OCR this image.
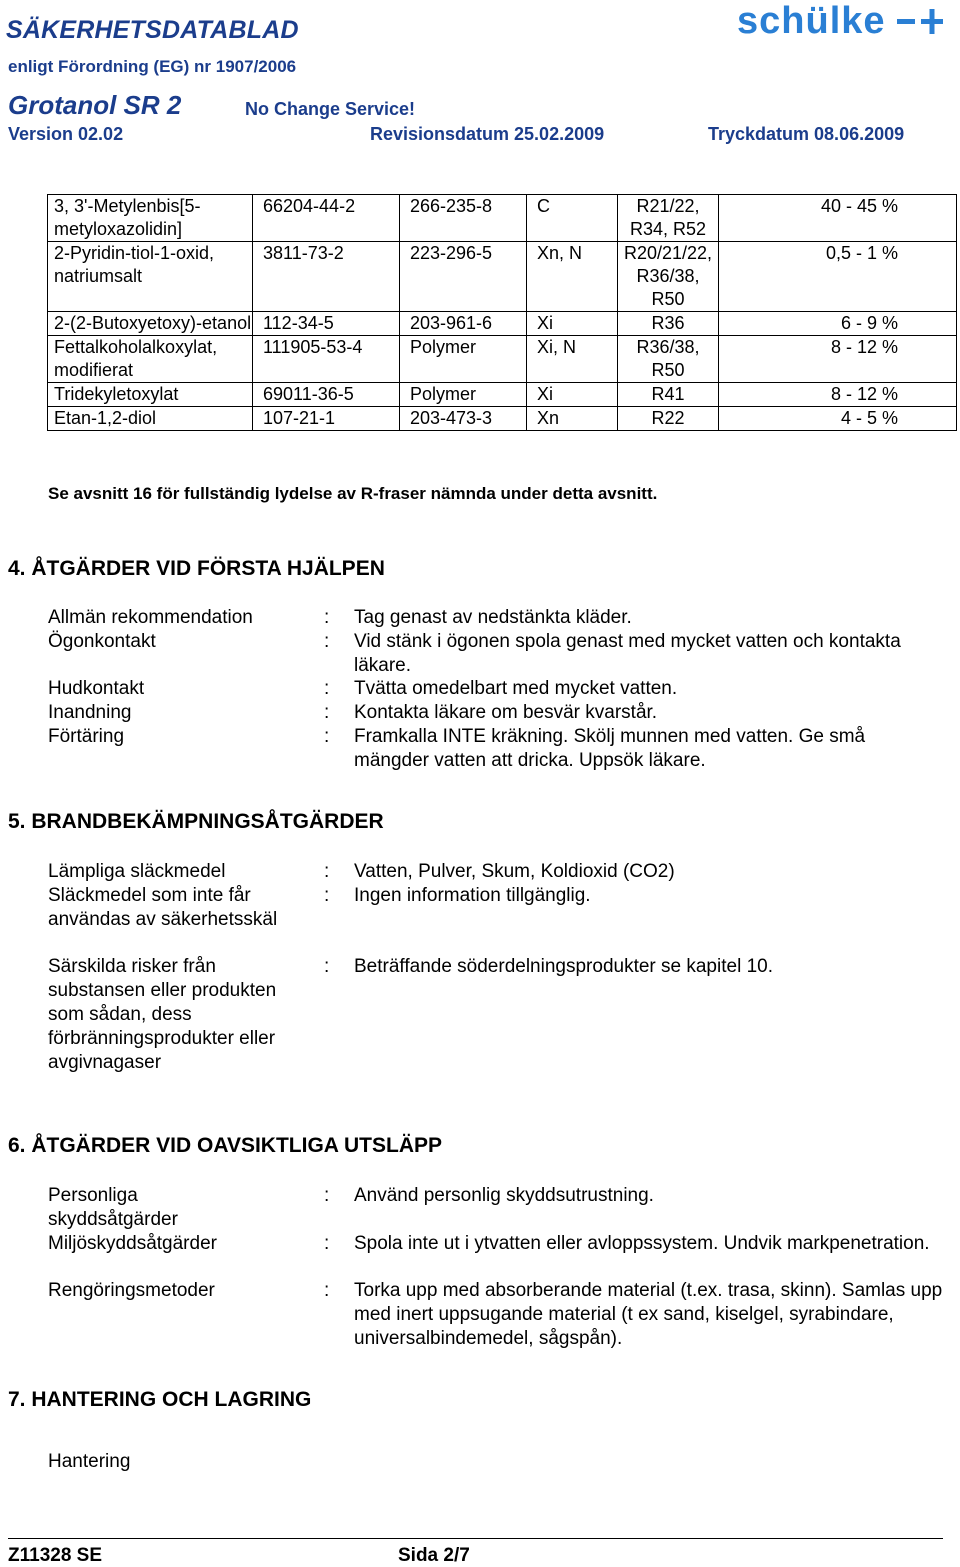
SÄKERHETSDATABLAD
enligt Förordning (EG) nr 1907/2006
Grotanol SR 2	No Change Service!
Version 02.02	Revisionsdatum 25.02.2009	Tryckdatum 08.06.2009
schülke
3, 3'-Metylenbis[5-metyloxazolidin]	66204-44-2	266-235-8	C	R21/22, R34, R52	40 - 45 %
2-Pyridin-tiol-1-oxid, natriumsalt	3811-73-2	223-296-5	Xn, N	R20/21/22, R36/38, R50	0,5 - 1 %
2-(2-Butoxyetoxy)-etanol	112-34-5	203-961-6	Xi	R36	6 - 9 %
Fettalkoholalkoxylat, modifierat	111905-53-4	Polymer	Xi, N	R36/38, R50	8 - 12 %
Tridekyletoxylat	69011-36-5	Polymer	Xi	R41	8 - 12 %
Etan-1,2-diol	107-21-1	203-473-3	Xn	R22	4 - 5 %
Se avsnitt 16 för fullständig lydelse av R-fraser nämnda under detta avsnitt.
4. ÅTGÄRDER VID FÖRSTA HJÄLPEN
Allmän rekommendation	: Tag genast av nedstänkta kläder.
Ögonkontakt	: Vid stänk i ögonen spola genast med mycket vatten och kontakta läkare.
Hudkontakt	: Tvätta omedelbart med mycket vatten.
Inandning	: Kontakta läkare om besvär kvarstår.
Förtäring	: Framkalla INTE kräkning. Skölj munnen med vatten. Ge små mängder vatten att dricka. Uppsök läkare.
5. BRANDBEKÄMPNINGSÅTGÄRDER
Lämpliga släckmedel	: Vatten, Pulver, Skum, Koldioxid (CO2)
Släckmedel som inte får användas av säkerhetsskäl
: Ingen information tillgänglig.
Särskilda risker från substansen eller produkten som sådan, dess förbränningsprodukter eller avgivnagaser
: Beträffande söderdelningsprodukter se kapitel 10.
6. ÅTGÄRDER VID OAVSIKTLIGA UTSLÄPP
Personliga skyddsåtgärder
: Använd personlig skyddsutrustning.
Miljöskyddsåtgärder	: Spola inte ut i ytvatten eller avloppssystem. Undvik markpenetration.
Rengöringsmetoder	: Torka upp med absorberande material (t.ex. trasa, skinn). Samlas upp med inert uppsugande material (t ex sand, kiselgel, syrabindare, universalbindemedel, sågspån).
7. HANTERING OCH LAGRING
Hantering
Z11328 SE	Sida 2/7
